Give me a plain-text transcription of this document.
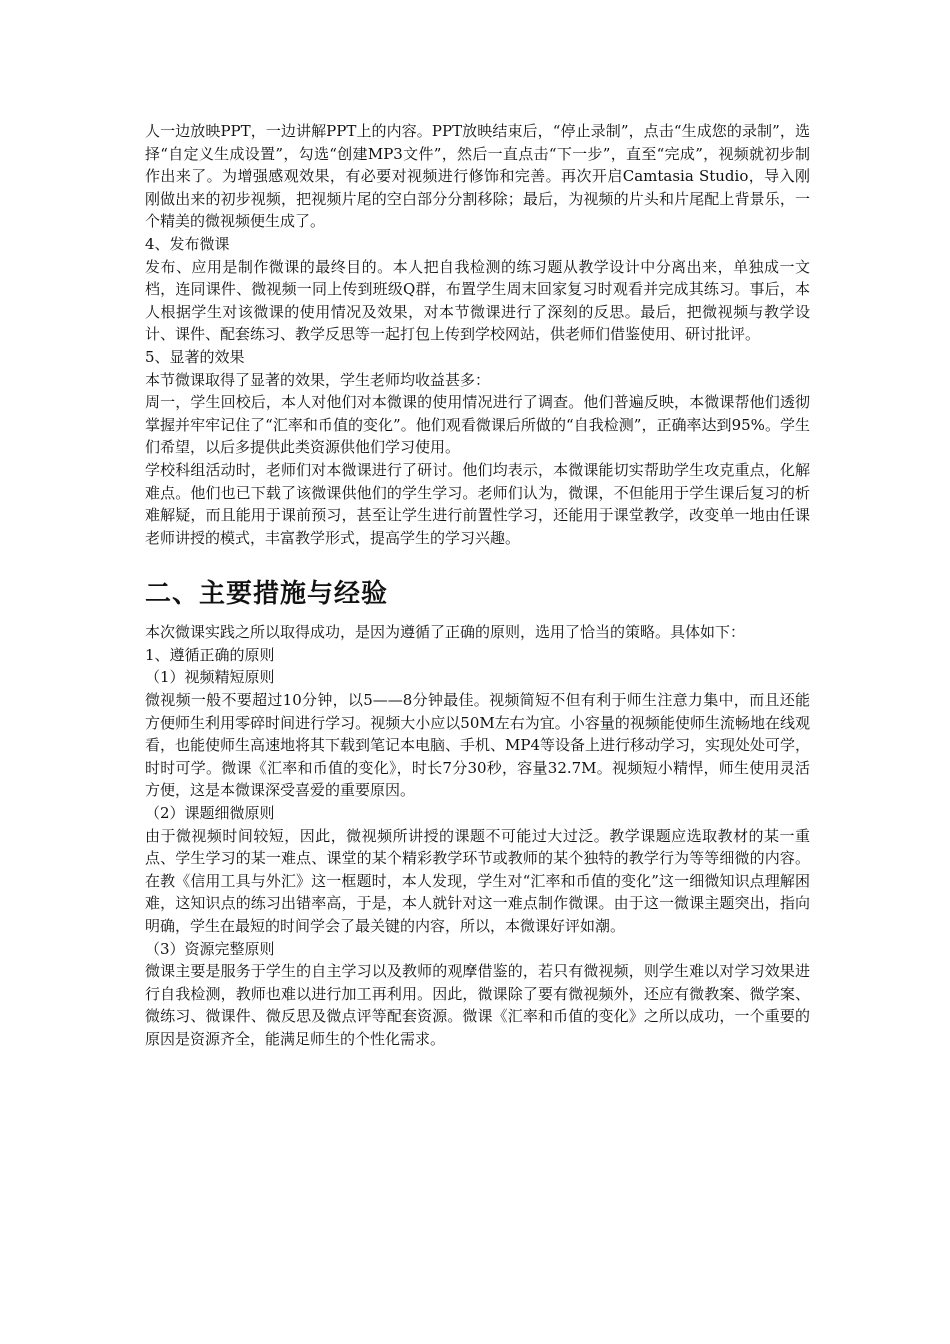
人一边放映PPT，一边讲解PPT上的内容。PPT放映结束后，“停止录制”，点击“生成您的录制”，选择“自定义生成设置”，勾选“创建MP3文件”，然后一直点击“下一步”，直至“完成”，视频就初步制作出来了。为增强感观效果，有必要对视频进行修饰和完善。再次开启Camtasia Studio，导入刚刚做出来的初步视频，把视频片尾的空白部分分割移除；最后，为视频的片头和片尾配上背景乐，一个精美的微视频便生成了。

4、发布微课

发布、应用是制作微课的最终目的。本人把自我检测的练习题从教学设计中分离出来，单独成一文档，连同课件、微视频一同上传到班级Q群，布置学生周末回家复习时观看并完成其练习。事后，本人根据学生对该微课的使用情况及效果，对本节微课进行了深刻的反思。最后，把微视频与教学设计、课件、配套练习、教学反思等一起打包上传到学校网站，供老师们借鉴使用、研讨批评。

5、显著的效果

本节微课取得了显著的效果，学生老师均收益甚多：

周一，学生回校后，本人对他们对本微课的使用情况进行了调查。他们普遍反映，本微课帮他们透彻掌握并牢牢记住了“汇率和币值的变化”。他们观看微课后所做的“自我检测”，正确率达到95%。学生们希望，以后多提供此类资源供他们学习使用。

学校科组活动时，老师们对本微课进行了研讨。他们均表示，本微课能切实帮助学生攻克重点，化解难点。他们也已下载了该微课供他们的学生学习。老师们认为，微课，不但能用于学生课后复习的析难解疑，而且能用于课前预习，甚至让学生进行前置性学习，还能用于课堂教学，改变单一地由任课老师讲授的模式，丰富教学形式，提高学生的学习兴趣。

二、主要措施与经验

本次微课实践之所以取得成功，是因为遵循了正确的原则，选用了恰当的策略。具体如下：

1、遵循正确的原则

（1）视频精短原则

微视频一般不要超过10分钟，以5——8分钟最佳。视频简短不但有利于师生注意力集中，而且还能方便师生利用零碎时间进行学习。视频大小应以50M左右为宜。小容量的视频能使师生流畅地在线观看，也能使师生高速地将其下载到笔记本电脑、手机、MP4等设备上进行移动学习，实现处处可学，时时可学。微课《汇率和币值的变化》，时长7分30秒，容量32.7M。视频短小精悍，师生使用灵活方便，这是本微课深受喜爱的重要原因。

（2）课题细微原则

由于微视频时间较短，因此，微视频所讲授的课题不可能过大过泛。教学课题应选取教材的某一重点、学生学习的某一难点、课堂的某个精彩教学环节或教师的某个独特的教学行为等等细微的内容。在教《信用工具与外汇》这一框题时，本人发现，学生对“汇率和币值的变化”这一细微知识点理解困难，这知识点的练习出错率高，于是，本人就针对这一难点制作微课。由于这一微课主题突出，指向明确，学生在最短的时间学会了最关键的内容，所以，本微课好评如潮。

（3）资源完整原则

微课主要是服务于学生的自主学习以及教师的观摩借鉴的，若只有微视频，则学生难以对学习效果进行自我检测，教师也难以进行加工再利用。因此，微课除了要有微视频外，还应有微教案、微学案、微练习、微课件、微反思及微点评等配套资源。微课《汇率和币值的变化》之所以成功，一个重要的原因是资源齐全，能满足师生的个性化需求。
